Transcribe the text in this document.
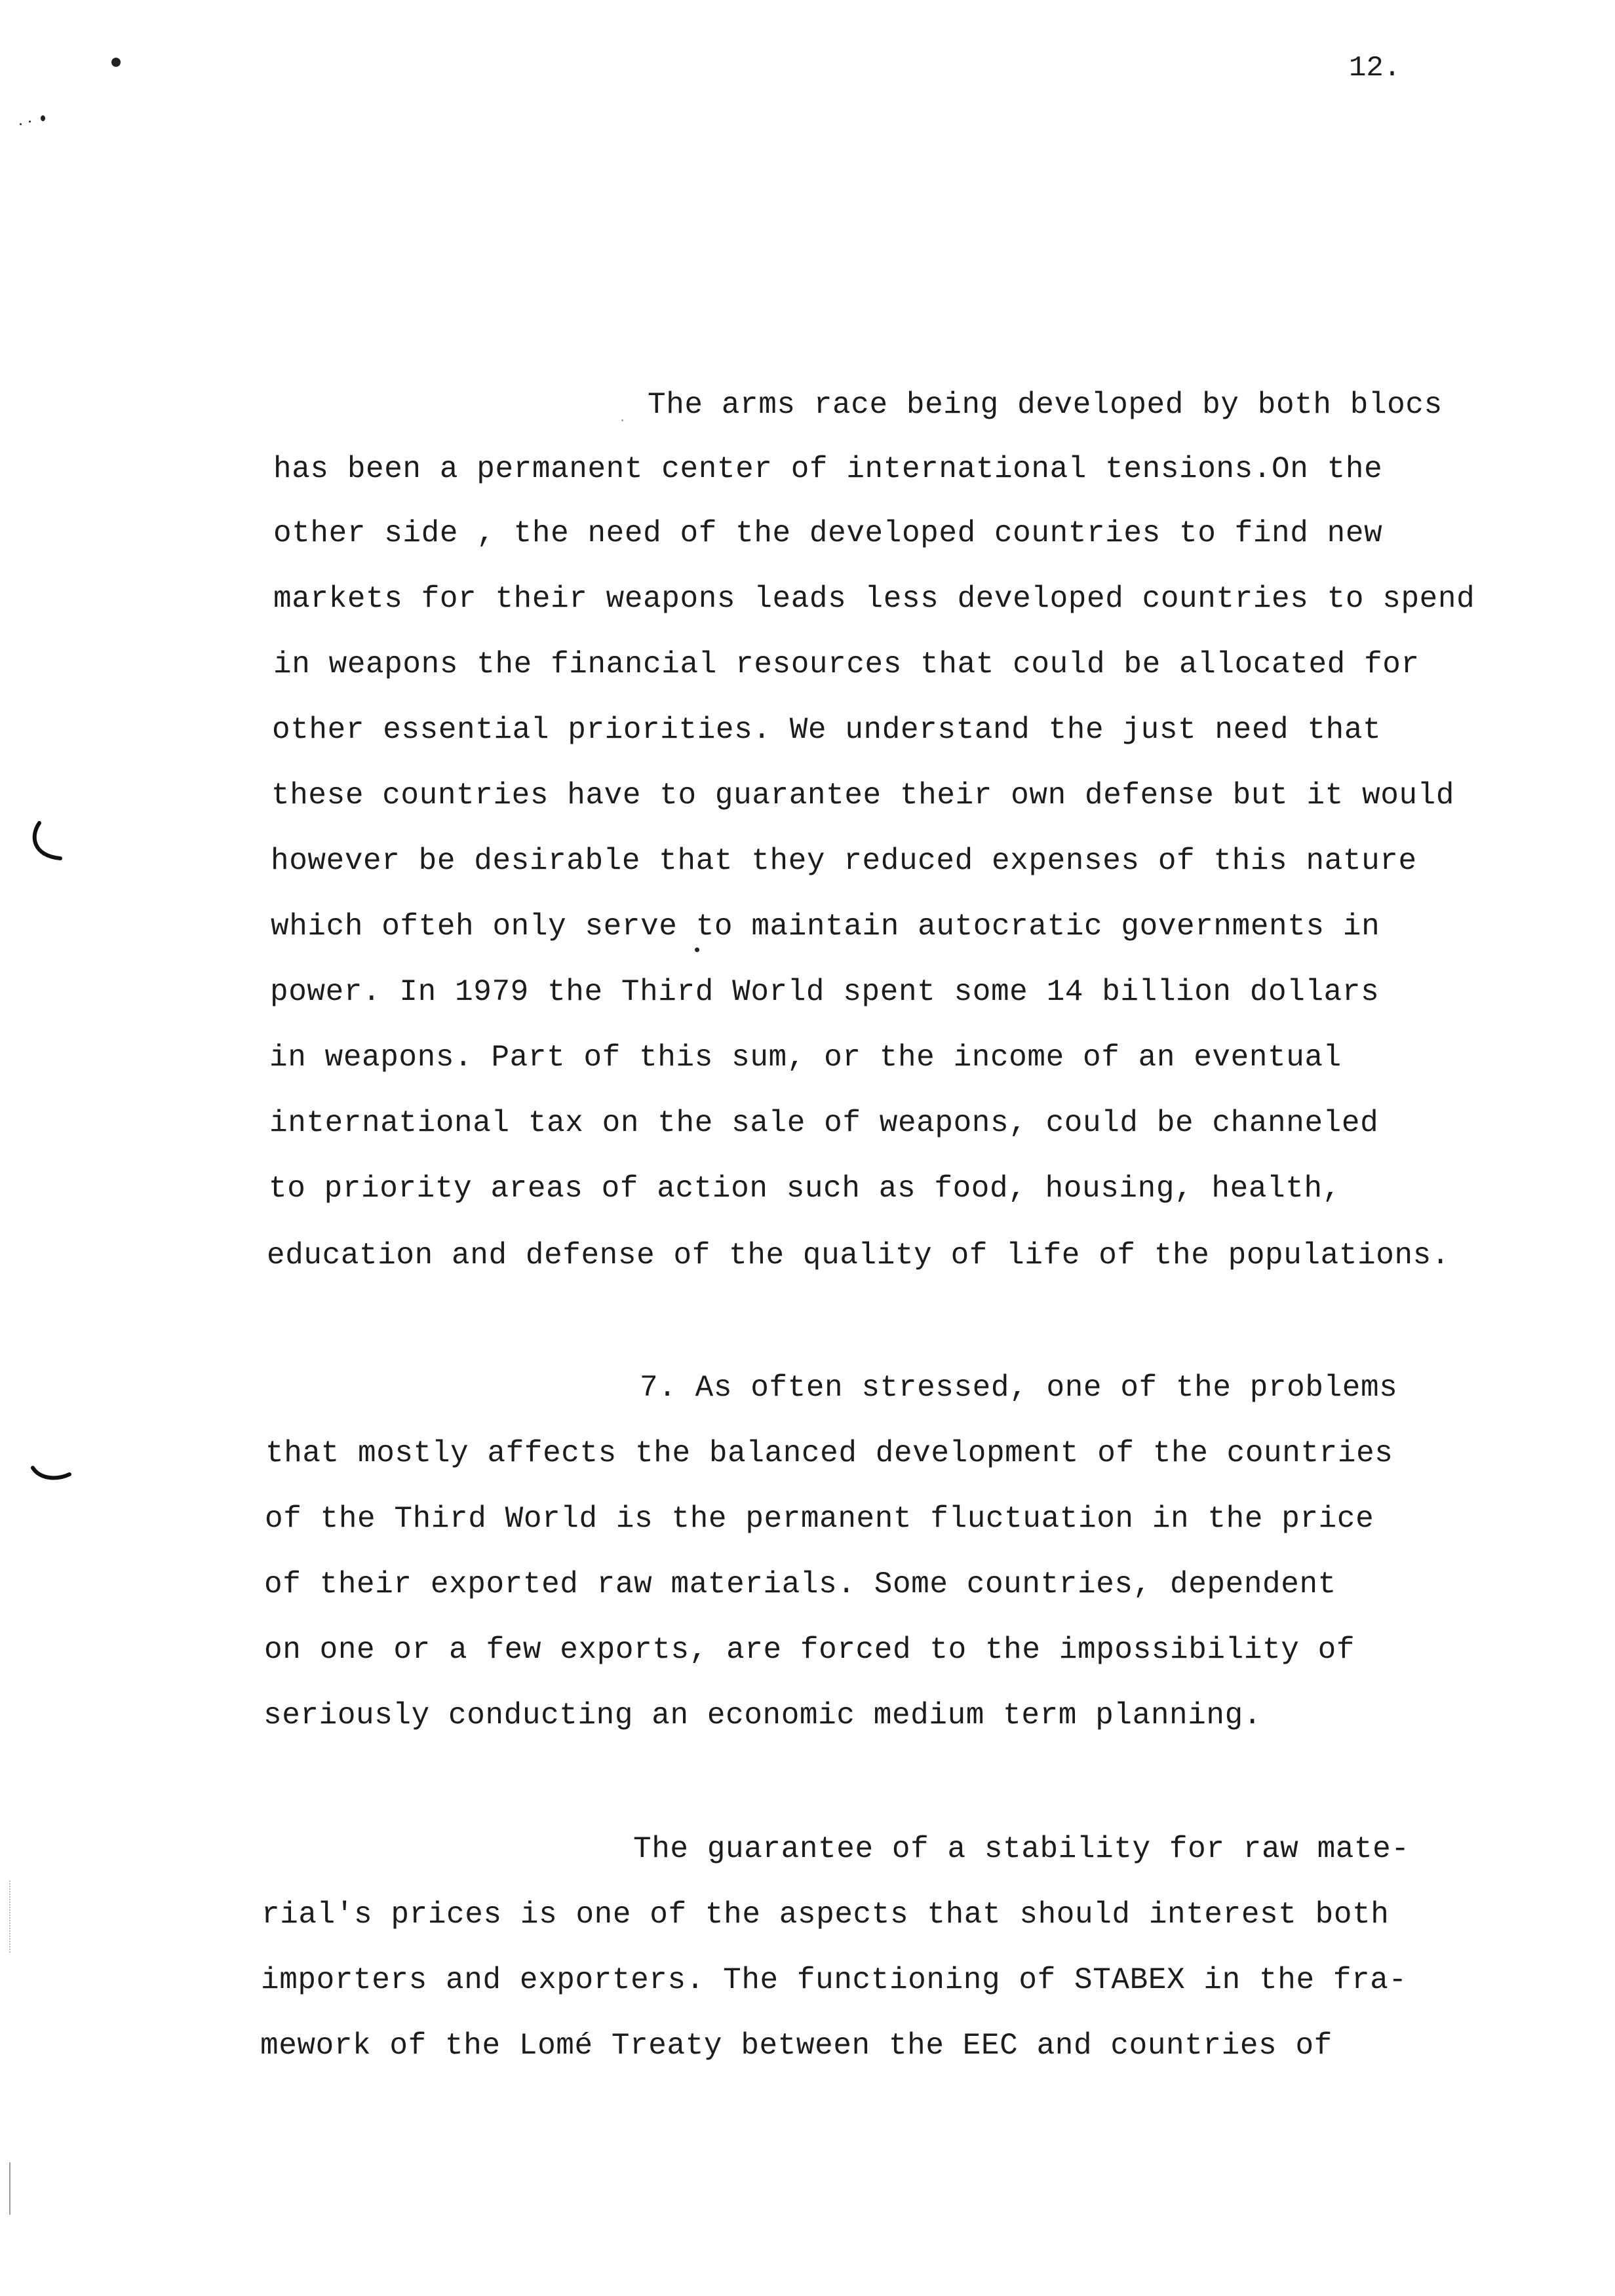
12.
The arms race being developed by both blocs
has been a permanent center of international tensions.On the
other side , the need of the developed countries to find new
markets for their weapons leads less developed countries to spend
in weapons the financial resources that could be allocated for
other essential priorities. We understand the just need that
these countries have to guarantee their own defense but it would
however be desirable that they reduced expenses of this nature
which ofteh only serve to maintain autocratic governments in
power. In 1979 the Third World spent some 14 billion dollars
in weapons. Part of this sum, or the income of an eventual
international tax on the sale of weapons, could be channeled
to priority areas of action such as food, housing, health,
education and defense of the quality of life of the populations.
7. As often stressed, one of the problems
that mostly affects the balanced development of the countries
of the Third World is the permanent fluctuation in the price
of their exported raw materials. Some countries, dependent
on one or a few exports, are forced to the impossibility of
seriously conducting an economic medium term planning.
The guarantee of a stability for raw mate-
rial's prices is one of the aspects that should interest both
importers and exporters. The functioning of STABEX in the fra-
mework of the Lomé Treaty between the EEC and countries of
